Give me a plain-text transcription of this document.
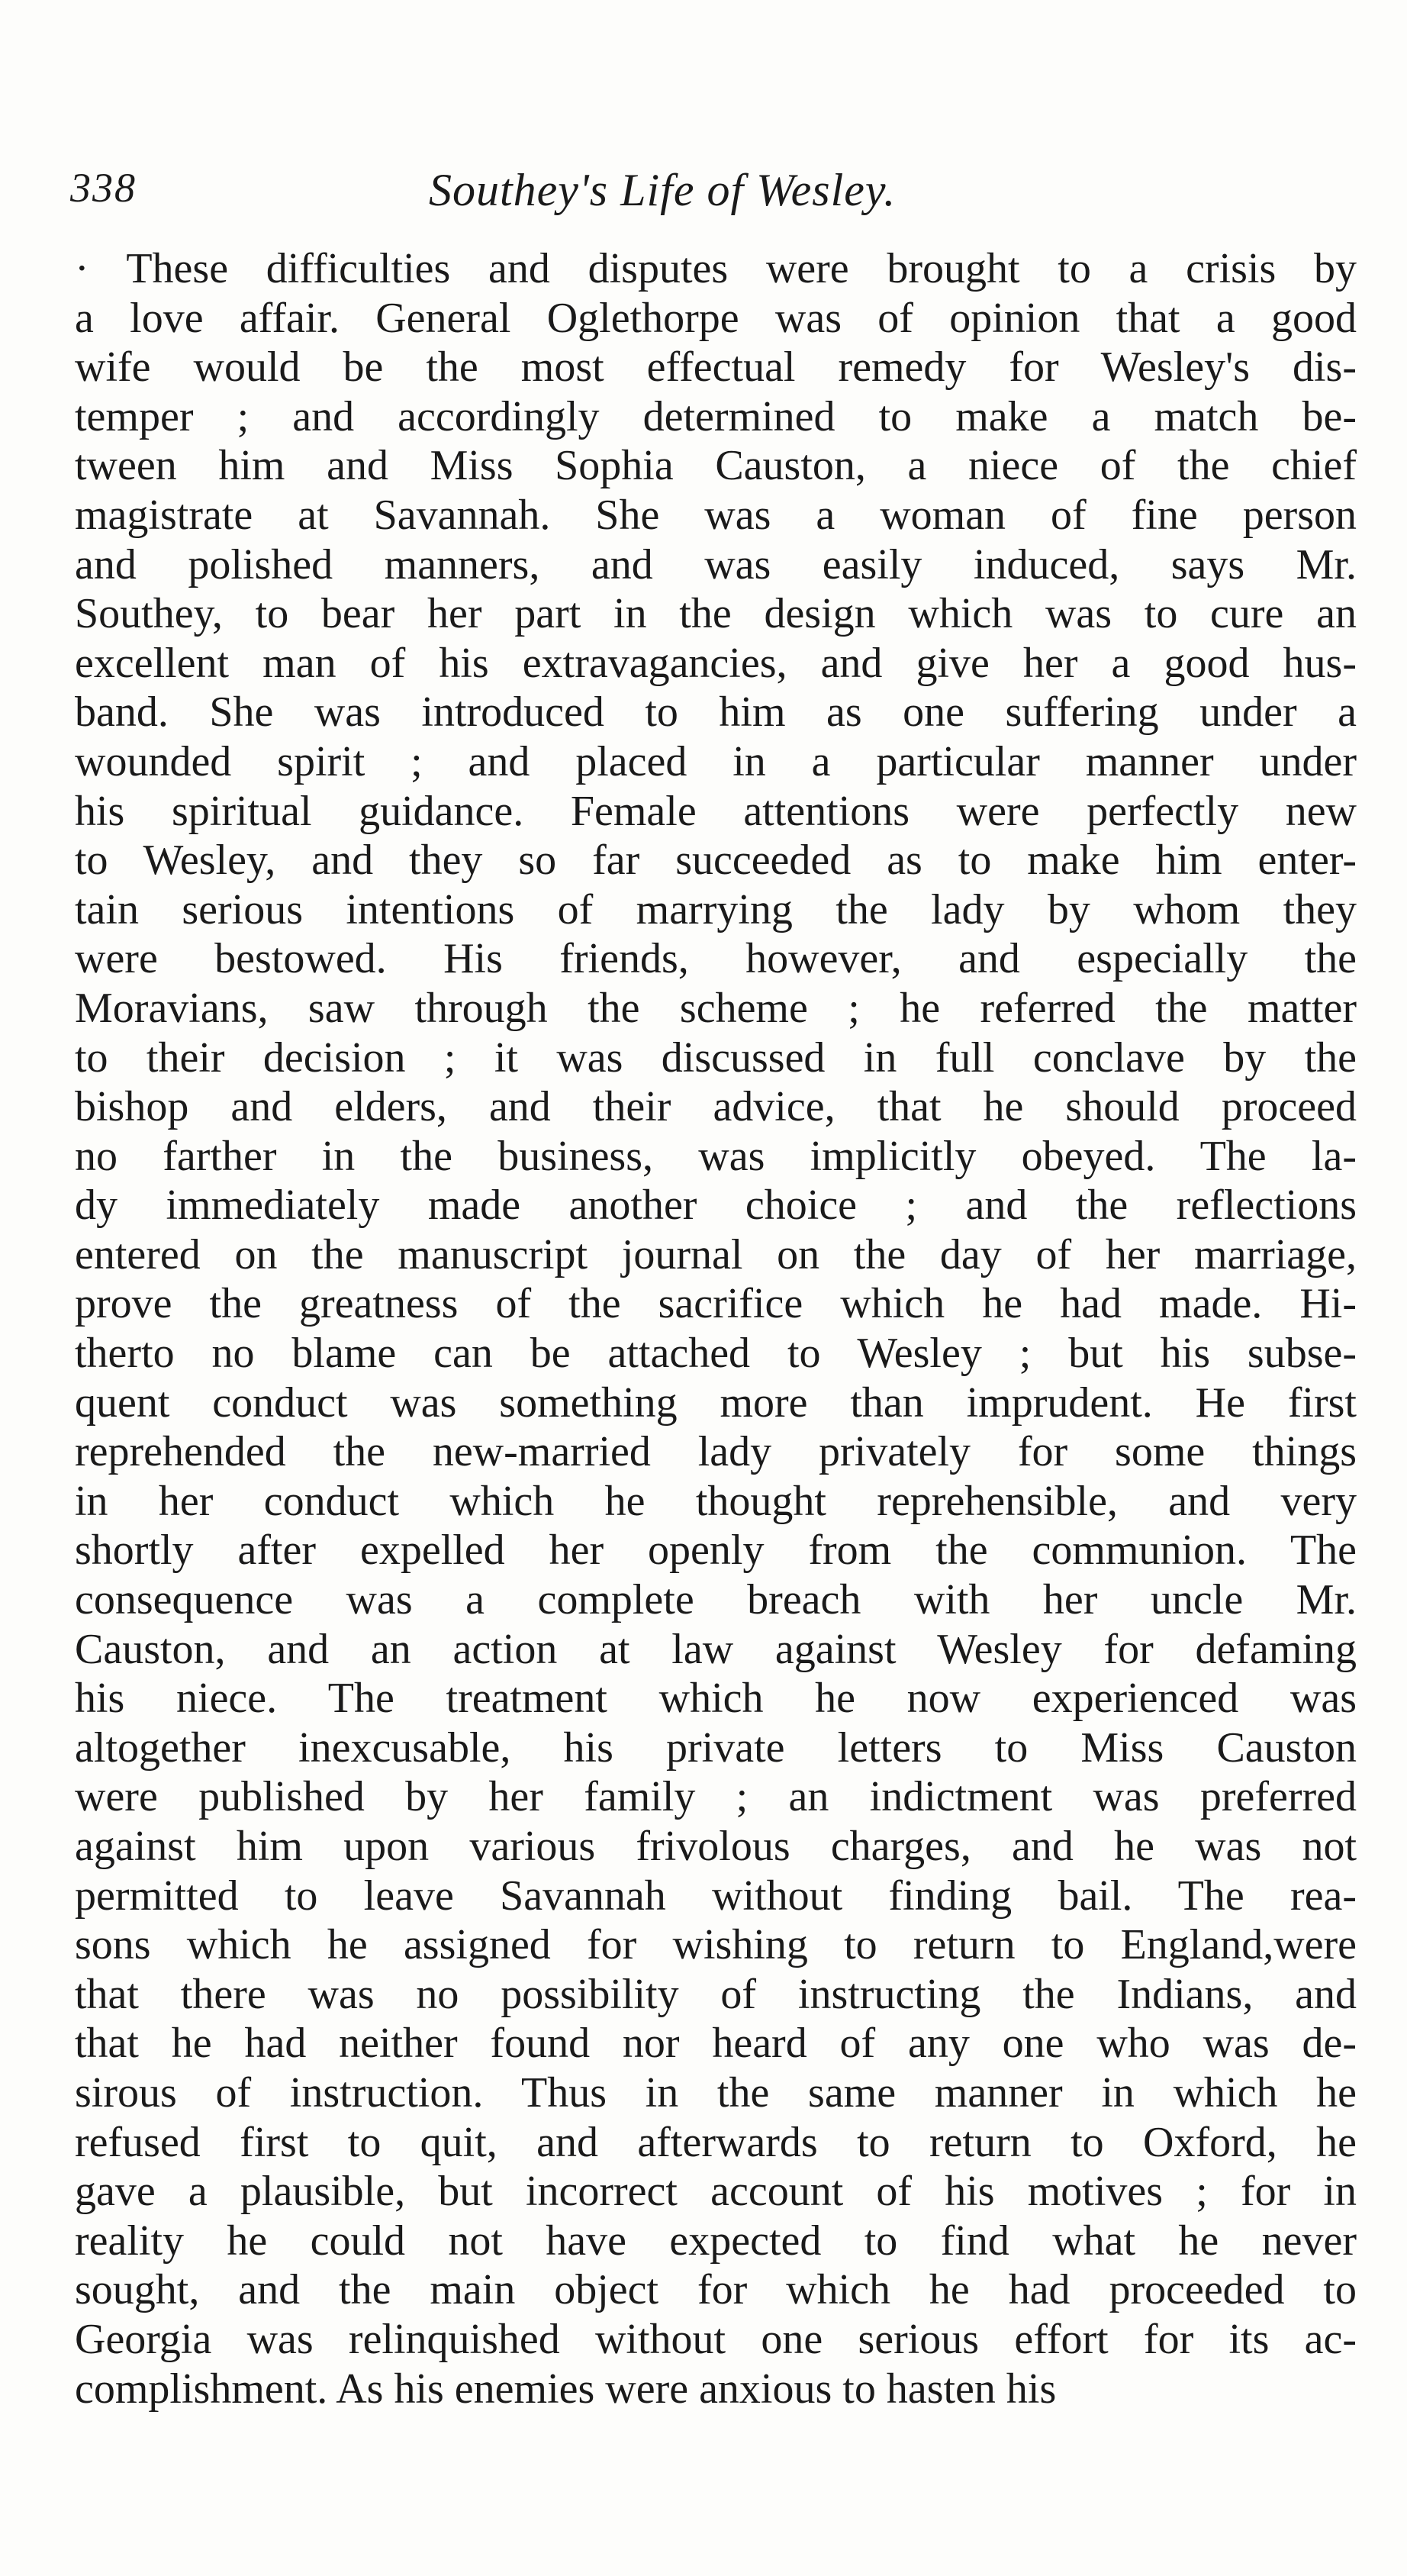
338	Southey's Life of Wesley.
· These difficulties and disputes were brought to a crisis by
a love affair. General Oglethorpe was of opinion that a good
wife would be the most effectual remedy for Wesley's dis-
temper ; and accordingly determined to make a match be-
tween him and Miss Sophia Causton, a niece of the chief
magistrate at Savannah. She was a woman of fine person
and polished manners, and was easily induced, says Mr.
Southey, to bear her part in the design which was to cure an
excellent man of his extravagancies, and give her a good hus-
band. She was introduced to him as one suffering under a
wounded spirit ; and placed in a particular manner under
his spiritual guidance. Female attentions were perfectly new
to Wesley, and they so far succeeded as to make him enter-
tain serious intentions of marrying the lady by whom they
were bestowed. His friends, however, and especially the
Moravians, saw through the scheme ; he referred the matter
to their decision ; it was discussed in full conclave by the
bishop and elders, and their advice, that he should proceed
no farther in the business, was implicitly obeyed. The la-
dy immediately made another choice ; and the reflections
entered on the manuscript journal on the day of her marriage,
prove the greatness of the sacrifice which he had made. Hi-
therto no blame can be attached to Wesley ; but his subse-
quent conduct was something more than imprudent. He first
reprehended the new-married lady privately for some things
in her conduct which he thought reprehensible, and very
shortly after expelled her openly from the communion. The
consequence was a complete breach with her uncle Mr.
Causton, and an action at law against Wesley for defaming
his niece. The treatment which he now experienced was
altogether inexcusable, his private letters to Miss Causton
were published by her family ; an indictment was preferred
against him upon various frivolous charges, and he was not
permitted to leave Savannah without finding bail. The rea-
sons which he assigned for wishing to return to England,were
that there was no possibility of instructing the Indians, and
that he had neither found nor heard of any one who was de-
sirous of instruction. Thus in the same manner in which he
refused first to quit, and afterwards to return to Oxford, he
gave a plausible, but incorrect account of his motives ; for in
reality he could not have expected to find what he never
sought, and the main object for which he had proceeded to
Georgia was relinquished without one serious effort for its ac-
complishment. As his enemies were anxious to hasten his
